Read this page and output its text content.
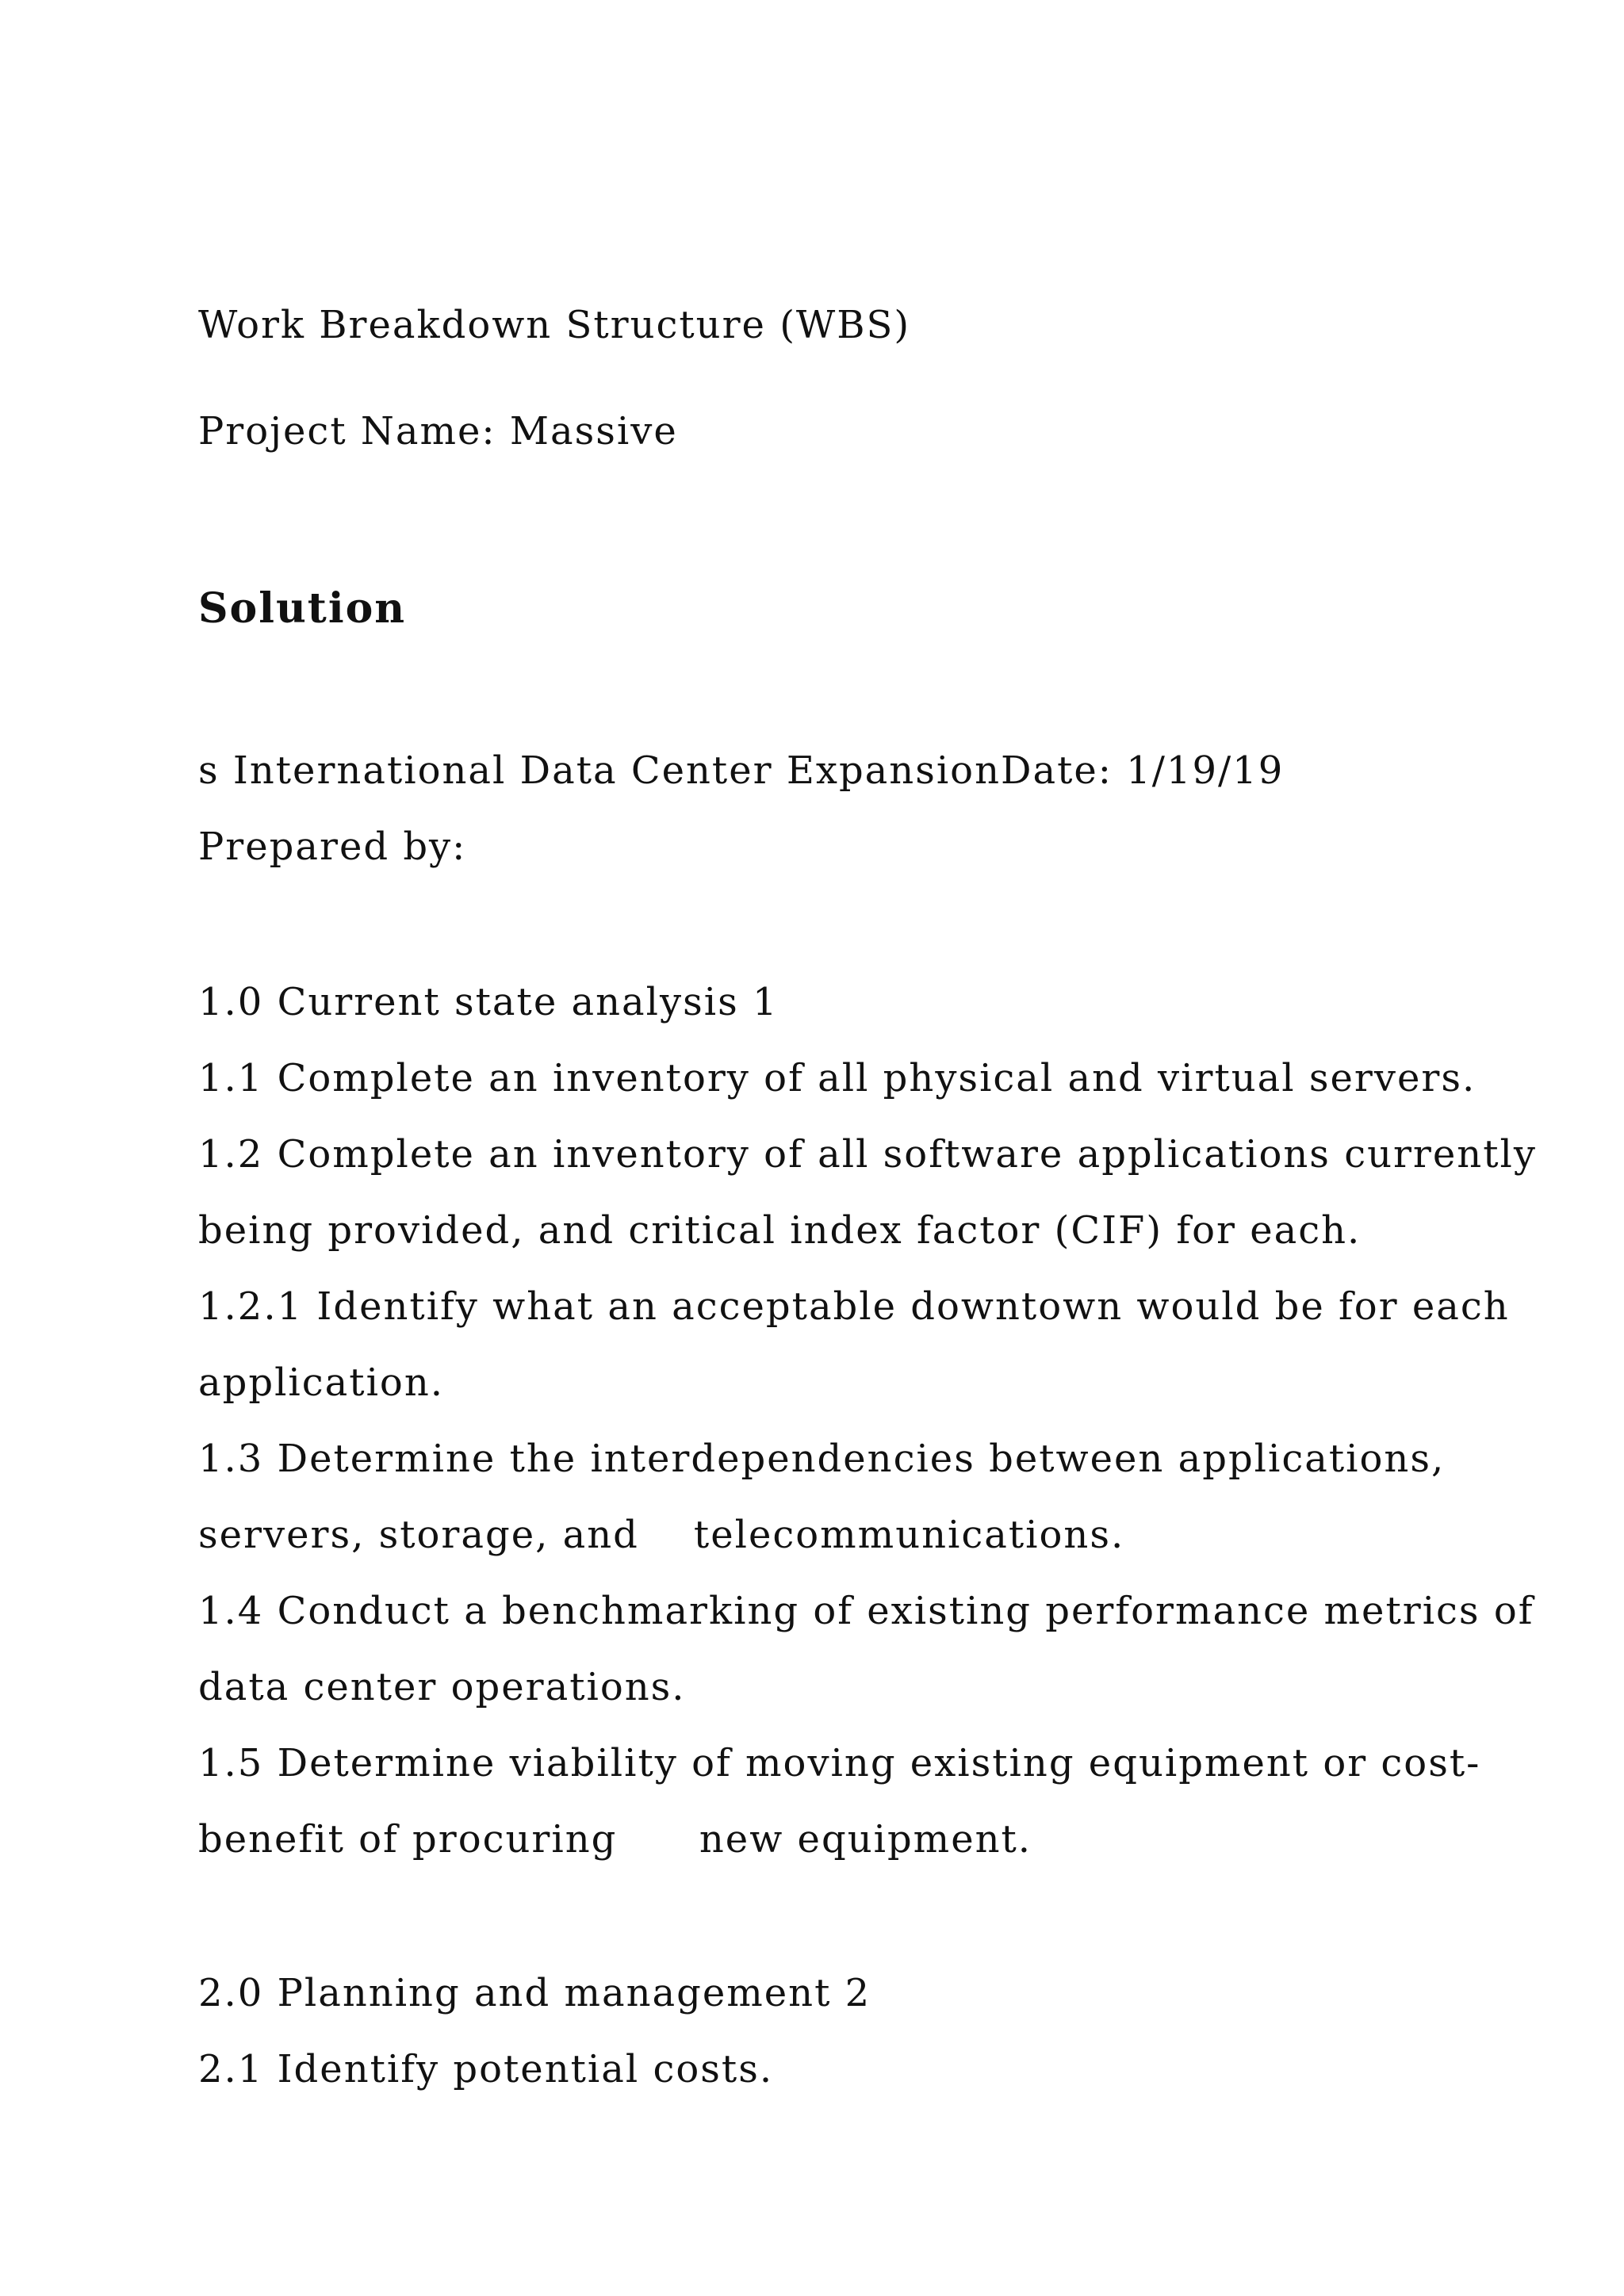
Work Breakdown Structure (WBS)
Project Name: Massive
Solution
s International Data Center ExpansionDate: 1/19/19
Prepared by:
1.0 Current state analysis 1
1.1 Complete an inventory of all physical and virtual servers.
1.2 Complete an inventory of all software applications currently
being provided, and critical index factor (CIF) for each.
1.2.1 Identify what an acceptable downtown would be for each
application.
1.3 Determine the interdependencies between applications,
servers, storage, and    telecommunications.
1.4 Conduct a benchmarking of existing performance metrics of
data center operations.
1.5 Determine viability of moving existing equipment or cost-
benefit of procuring      new equipment.
2.0 Planning and management 2
2.1 Identify potential costs.
